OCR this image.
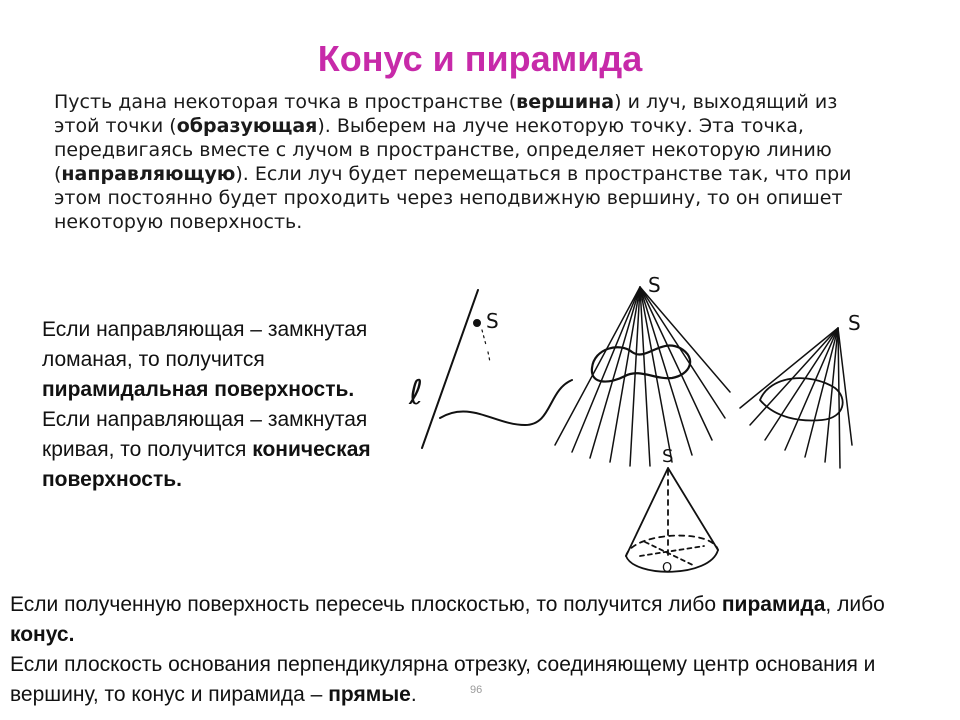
Конус и пирамида
Пусть дана некоторая точка в пространстве (вершина) и луч, выходящий из этой точки (образующая). Выберем на луче некоторую точку. Эта точка, передвигаясь вместе с лучом в пространстве, определяет некоторую линию (направляющую). Если луч будет перемещаться в пространстве так, что при этом постоянно будет проходить через неподвижную вершину, то он опишет некоторую поверхность.

Если направляющая – замкнутая ломаная, то получится пирамидальная поверхность.

Если направляющая – замкнутая кривая, то получится коническая поверхность.

S
ℓ
S
S
S
O

Если полученную поверхность пересечь плоскостью, то получится либо пирамида, либо конус.

Если плоскость основания перпендикулярна отрезку, соединяющему центр основания и вершину, то конус и пирамида – прямые.	96
